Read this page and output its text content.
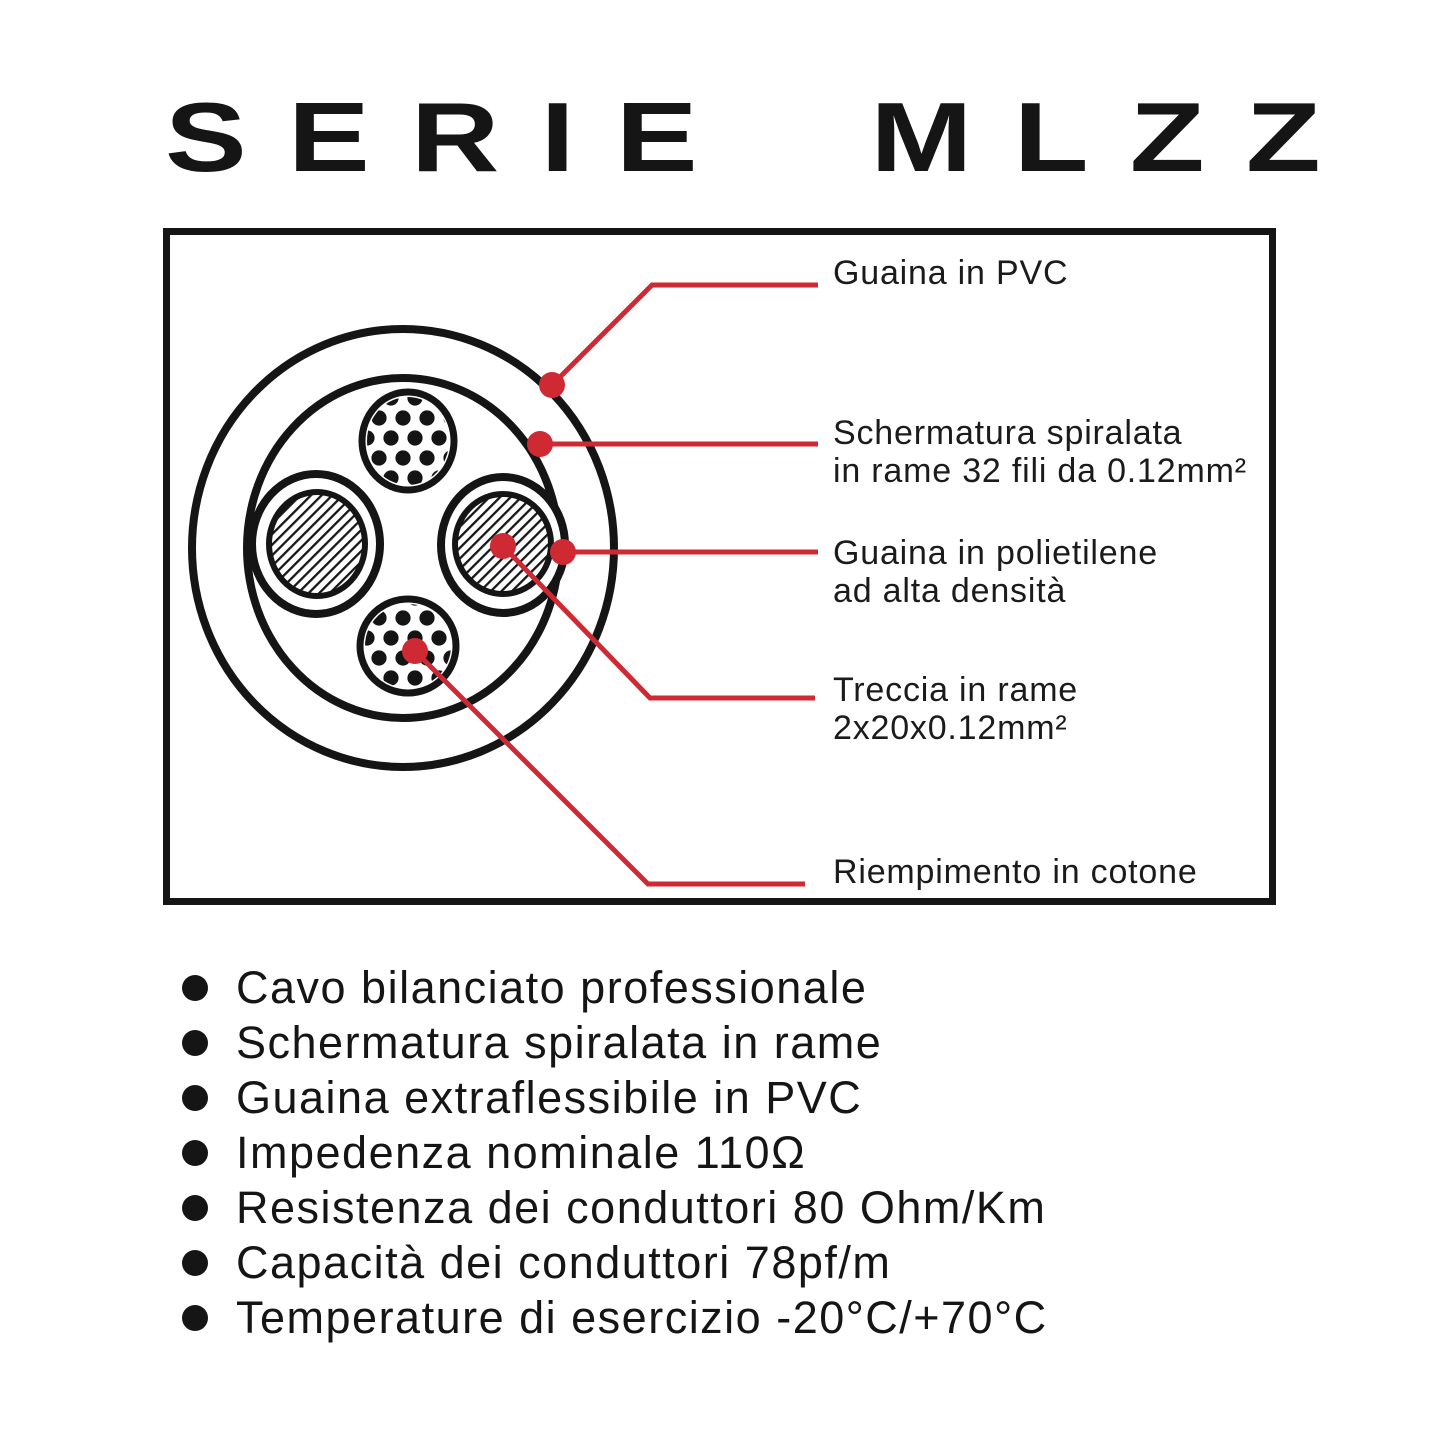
SERIE MLZZ
Guaina in PVC
Schermatura spiralata
in rame 32 fili da 0.12mm²
Guaina in polietilene
ad alta densità
Treccia in rame
2x20x0.12mm²
Riempimento in cotone
Cavo bilanciato professionale
Schermatura spiralata in rame
Guaina extraflessibile in PVC
Impedenza nominale 110Ω
Resistenza dei conduttori 80 Ohm/Km
Capacità dei conduttori 78pf/m
Temperature di esercizio -20°C/+70°C
